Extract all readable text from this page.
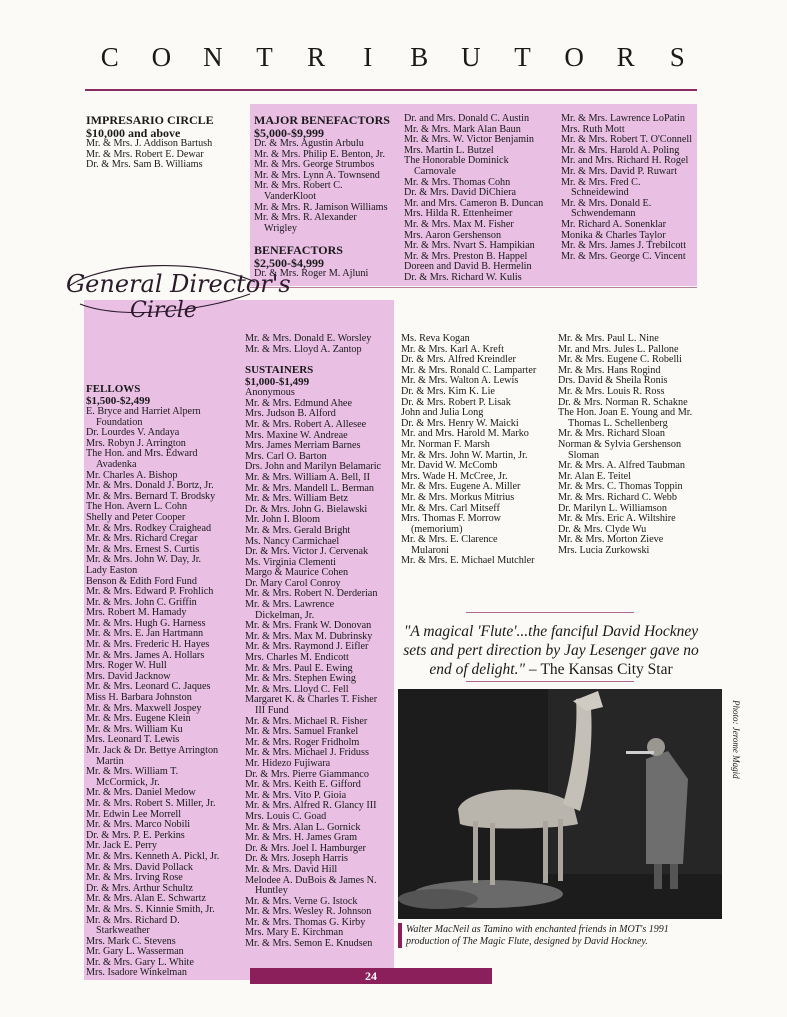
C O N T R I B U T O R S
General Director's
Circle
IMPRESARIO CIRCLE
$10,000 and above
Mr. & Mrs. J. Addison Bartush
Mr. & Mrs. Robert E. Dewar
Dr. & Mrs. Sam B. Williams
MAJOR BENEFACTORS
$5,000-$9,999
Dr. & Mrs. Agustin Arbulu
Mr. & Mrs. Philip E. Benton, Jr.
Mr. & Mrs. George Strumbos
Mr. & Mrs. Lynn A. Townsend
Mr. & Mrs. Robert C.
VanderKloot
Mr. & Mrs. R. Jamison Williams
Mr. & Mrs. R. Alexander
Wrigley
BENEFACTORS
$2,500-$4,999
Dr. & Mrs. Roger M. Ajluni
Dr. and Mrs. Donald C. Austin
Mr. & Mrs. Mark Alan Baun
Mr. & Mrs. W. Victor Benjamin
Mrs. Martin L. Butzel
The Honorable Dominick
Carnovale
Mr. & Mrs. Thomas Cohn
Dr. & Mrs. David DiChiera
Mr. and Mrs. Cameron B. Duncan
Mrs. Hilda R. Ettenheimer
Mr. & Mrs. Max M. Fisher
Mrs. Aaron Gershenson
Mr. & Mrs. Nvart S. Hampikian
Mr. & Mrs. Preston B. Happel
Doreen and David B. Hermelin
Dr. & Mrs. Richard W. Kulis
Mr. & Mrs. Lawrence LoPatin
Mrs. Ruth Mott
Mr. & Mrs. Robert T. O'Connell
Mr. & Mrs. Harold A. Poling
Mr. and Mrs. Richard H. Rogel
Mr. & Mrs. David P. Ruwart
Mr. & Mrs. Fred C.
Schneidewind
Mr. & Mrs. Donald E.
Schwendemann
Mr. Richard A. Sonenklar
Monika & Charles Taylor
Mr. & Mrs. James J. Trebilcott
Mr. & Mrs. George C. Vincent
FELLOWS
$1,500-$2,499
E. Bryce and Harriet Alpern
Foundation
Dr. Lourdes V. Andaya
Mrs. Robyn J. Arrington
The Hon. and Mrs. Edward
Avadenka
Mr. Charles A. Bishop
Mr. & Mrs. Donald J. Bortz, Jr.
Mr. & Mrs. Bernard T. Brodsky
The Hon. Avern L. Cohn
Shelly and Peter Cooper
Mr. & Mrs. Rodkey Craighead
Mr. & Mrs. Richard Cregar
Mr. & Mrs. Ernest S. Curtis
Mr. & Mrs. John W. Day, Jr.
Lady Easton
Benson & Edith Ford Fund
Mr. & Mrs. Edward P. Frohlich
Mr. & Mrs. John C. Griffin
Mrs. Robert M. Hamady
Mr. & Mrs. Hugh G. Harness
Mr. & Mrs. E. Jan Hartmann
Mr. & Mrs. Frederic H. Hayes
Mr. & Mrs. James A. Hollars
Mrs. Roger W. Hull
Mrs. David Jacknow
Mr. & Mrs. Leonard C. Jaques
Miss H. Barbara Johnston
Mr. & Mrs. Maxwell Jospey
Mr. & Mrs. Eugene Klein
Mr. & Mrs. William Ku
Mrs. Leonard T. Lewis
Mr. Jack & Dr. Bettye Arrington
Martin
Mr. & Mrs. William T.
McCormick, Jr.
Mr. & Mrs. Daniel Medow
Mr. & Mrs. Robert S. Miller, Jr.
Mr. Edwin Lee Morrell
Mr. & Mrs. Marco Nobili
Dr. & Mrs. P. E. Perkins
Mr. Jack E. Perry
Mr. & Mrs. Kenneth A. Pickl, Jr.
Mr. & Mrs. David Pollack
Mr. & Mrs. Irving Rose
Dr. & Mrs. Arthur Schultz
Mr. & Mrs. Alan E. Schwartz
Mr. & Mrs. S. Kinnie Smith, Jr.
Mr. & Mrs. Richard D.
Starkweather
Mrs. Mark C. Stevens
Mr. Gary L. Wasserman
Mr. & Mrs. Gary L. White
Mrs. Isadore Winkelman
Mr. & Mrs. Donald E. Worsley
Mr. & Mrs. Lloyd A. Zantop
SUSTAINERS
$1,000-$1,499
Anonymous
Mr. & Mrs. Edmund Ahee
Mrs. Judson B. Alford
Mr. & Mrs. Robert A. Allesee
Mrs. Maxine W. Andreae
Mrs. James Merriam Barnes
Mrs. Carl O. Barton
Drs. John and Marilyn Belamaric
Mr. & Mrs. William A. Bell, II
Mr. & Mrs. Mandell L. Berman
Mr. & Mrs. William Betz
Dr. & Mrs. John G. Bielawski
Mr. John I. Bloom
Mr. & Mrs. Gerald Bright
Ms. Nancy Carmichael
Dr. & Mrs. Victor J. Cervenak
Ms. Virginia Clementi
Margo & Maurice Cohen
Dr. Mary Carol Conroy
Mr. & Mrs. Robert N. Derderian
Mr. & Mrs. Lawrence
Dickelman, Jr.
Mr. & Mrs. Frank W. Donovan
Mr. & Mrs. Max M. Dubrinsky
Mr. & Mrs. Raymond J. Eifler
Mrs. Charles M. Endicott
Mr. & Mrs. Paul E. Ewing
Mr. & Mrs. Stephen Ewing
Mr. & Mrs. Lloyd C. Fell
Margaret K. & Charles T. Fisher
III Fund
Mr. & Mrs. Michael R. Fisher
Mr. & Mrs. Samuel Frankel
Mr. & Mrs. Roger Fridholm
Mr. & Mrs. Michael J. Friduss
Mr. Hidezo Fujiwara
Dr. & Mrs. Pierre Giammanco
Mr. & Mrs. Keith E. Gifford
Mr. & Mrs. Vito P. Gioia
Mr. & Mrs. Alfred R. Glancy III
Mrs. Louis C. Goad
Mr. & Mrs. Alan L. Gornick
Mr. & Mrs. H. James Gram
Dr. & Mrs. Joel I. Hamburger
Dr. & Mrs. Joseph Harris
Mr. & Mrs. David Hill
Melodee A. DuBois & James N.
Huntley
Mr. & Mrs. Verne G. Istock
Mr. & Mrs. Wesley R. Johnson
Mr. & Mrs. Thomas G. Kirby
Mrs. Mary E. Kirchman
Mr. & Mrs. Semon E. Knudsen
Ms. Reva Kogan
Mr. & Mrs. Karl A. Kreft
Dr. & Mrs. Alfred Kreindler
Mr. & Mrs. Ronald C. Lamparter
Mr. & Mrs. Walton A. Lewis
Dr. & Mrs. Kim K. Lie
Dr. & Mrs. Robert P. Lisak
John and Julia Long
Dr. & Mrs. Henry W. Maicki
Mr. and Mrs. Harold M. Marko
Mr. Norman F. Marsh
Mr. & Mrs. John W. Martin, Jr.
Mr. David W. McComb
Mrs. Wade H. McCree, Jr.
Mr. & Mrs. Eugene A. Miller
Mr. & Mrs. Morkus Mitrius
Mr. & Mrs. Carl Mitseff
Mrs. Thomas F. Morrow
(memorium)
Mr. & Mrs. E. Clarence
Mularoni
Mr. & Mrs. E. Michael Mutchler
Mr. & Mrs. Paul L. Nine
Mr. and Mrs. Jules L. Pallone
Mr. & Mrs. Eugene C. Robelli
Mr. & Mrs. Hans Rogind
Drs. David & Sheila Ronis
Mr. & Mrs. Louis R. Ross
Dr. & Mrs. Norman R. Schakne
The Hon. Joan E. Young and Mr.
Thomas L. Schellenberg
Mr. & Mrs. Richard Sloan
Norman & Sylvia Gershenson
Sloman
Mr. & Mrs. A. Alfred Taubman
Mr. Alan E. Teitel
Mr. & Mrs. C. Thomas Toppin
Mr. & Mrs. Richard C. Webb
Dr. Marilyn L. Williamson
Mr. & Mrs. Eric A. Wiltshire
Dr. & Mrs. Clyde Wu
Mr. & Mrs. Morton Zieve
Mrs. Lucia Zurkowski
"A magical 'Flute'...the fanciful David Hockney sets and pert direction by Jay Lesenger gave no end of delight." – The Kansas City Star
Photo: Jerome Magid
Walter MacNeil as Tamino with enchanted friends in MOT's 1991 production of The Magic Flute, designed by David Hockney.
24
